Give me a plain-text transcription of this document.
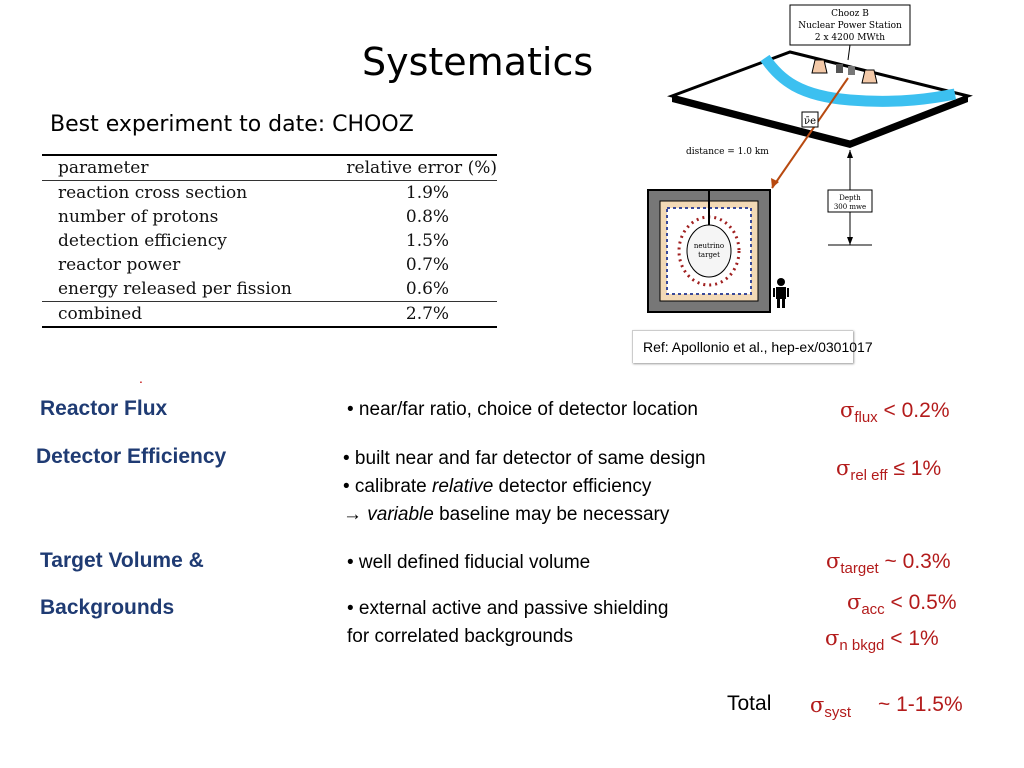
Systematics
Best experiment to date: CHOOZ
parameter	relative error (%)
reaction cross section	1.9%
number of protons	0.8%
detection efficiency	1.5%
reactor power	0.7%
energy released per fission	0.6%
combined	2.7%
Chooz B
Nuclear Power Station
2 x 4200 MWth
ν̄e
distance = 1.0 km
Depth
300 mwe
neutrino
target
Ref: Apollonio et al., hep-ex/0301017
.
Reactor Flux	• near/far ratio, choice of detector location	$\sigma_{flux} < 0.2\%$
Detector Efficiency	• built near and far detector of same design
• calibrate relative detector efficiency
→ variable baseline may be necessary
$\sigma_{rel eff} \le 1\%$
Target Volume &	• well defined fiducial volume	$\sigma_{target}$ ~ 0.3%
Backgrounds	• external active and passive shielding
for correlated backgrounds
$\sigma_{acc} < 0.5\%$
$\sigma_{n bkgd} < 1\%$
Total $\sigma_{syst}$ ~ 1-1.5%
